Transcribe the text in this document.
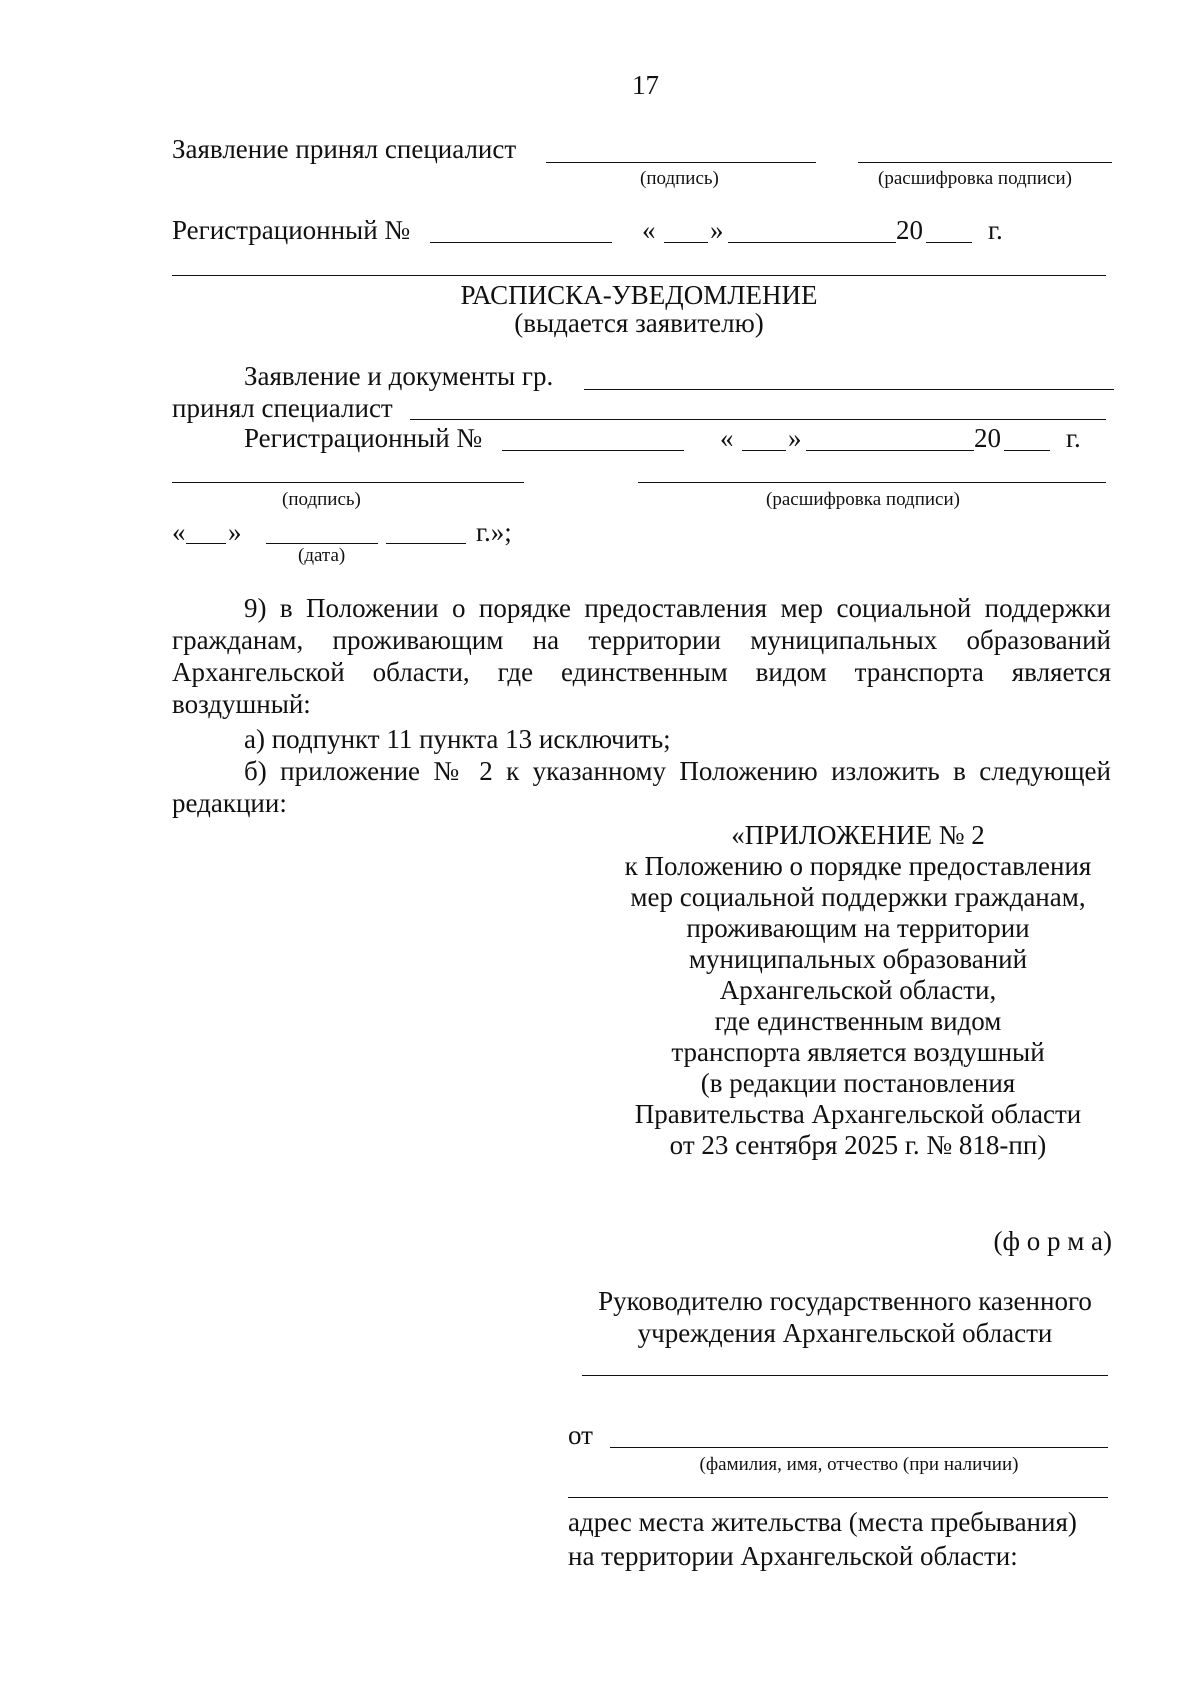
17
Заявление принял специалист
(подпись)	(расшифровка подписи)
Регистрационный №	« »	20 г.
РАСПИСКА-УВЕДОМЛЕНИЕ
(выдается заявителю)
Заявление и документы гр.
принял специалист
Регистрационный №	« »	20 г.
(подпись)	(расшифровка подписи)
« »	г.»;
(дата)
9) в Положении о порядке предоставления мер социальной поддержки
гражданам, проживающим на территории муниципальных образований
Архангельской области, где единственным видом транспорта является
воздушный:
а) подпункт 11 пункта 13 исключить;
б) приложение № 2 к указанному Положению изложить в следующей
редакции:
«ПРИЛОЖЕНИЕ № 2
к Положению о порядке предоставления
мер социальной поддержки гражданам,
проживающим на территории
муниципальных образований
Архангельской области,
где единственным видом
транспорта является воздушный
(в редакции постановления
Правительства Архангельской области
от 23 сентября 2025 г. № 818-пп)
(ф о р м а)
Руководителю государственного казенного
учреждения Архангельской области
от
(фамилия, имя, отчество (при наличии)
адрес места жительства (места пребывания)
на территории Архангельской области:
